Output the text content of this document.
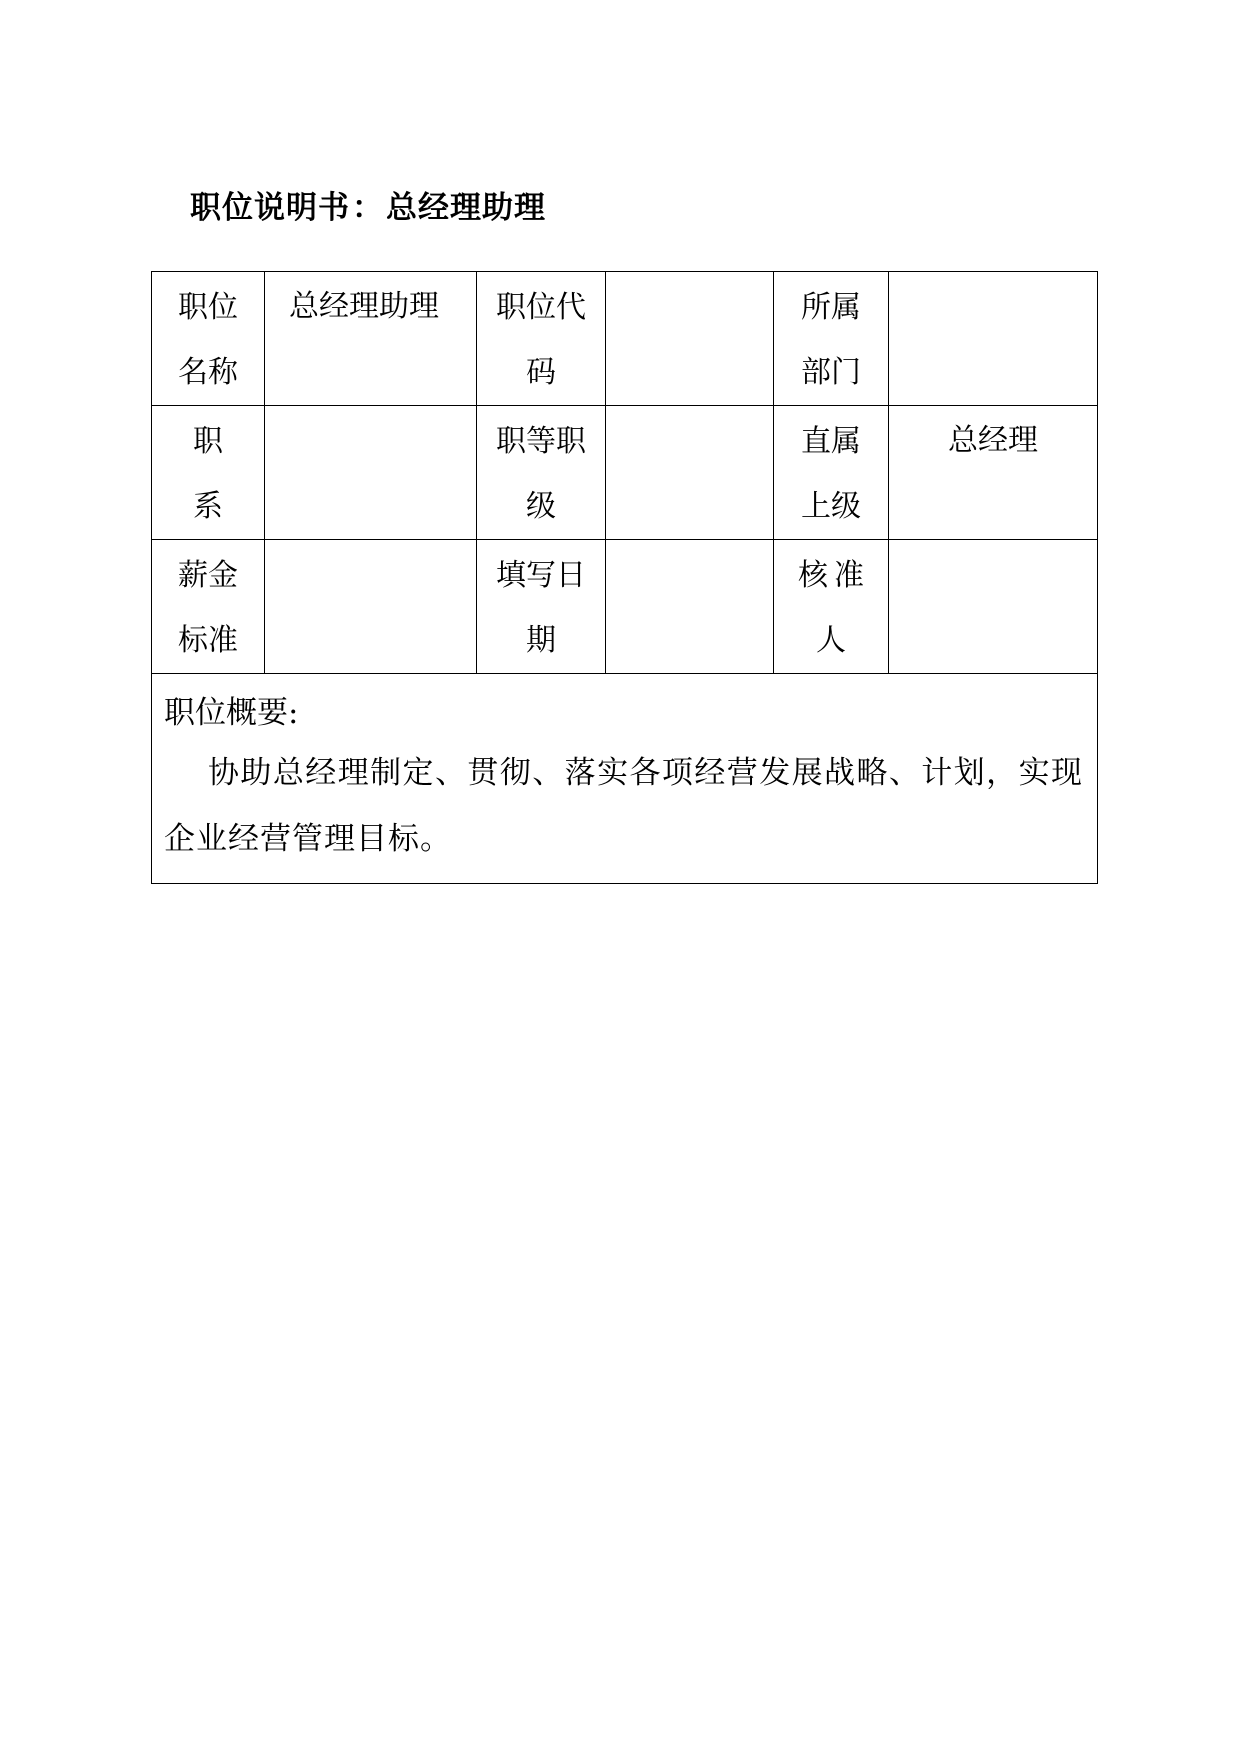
职位说明书：总经理助理
职位名称	总经理助理	职位代码		所属部门	
职系		职等职级		直属上级	总经理
薪金标准		填写日期		核准人	

职位概要:
协助总经理制定、贯彻、落实各项经营发展战略、计划，实现企业经营管理目标。					
